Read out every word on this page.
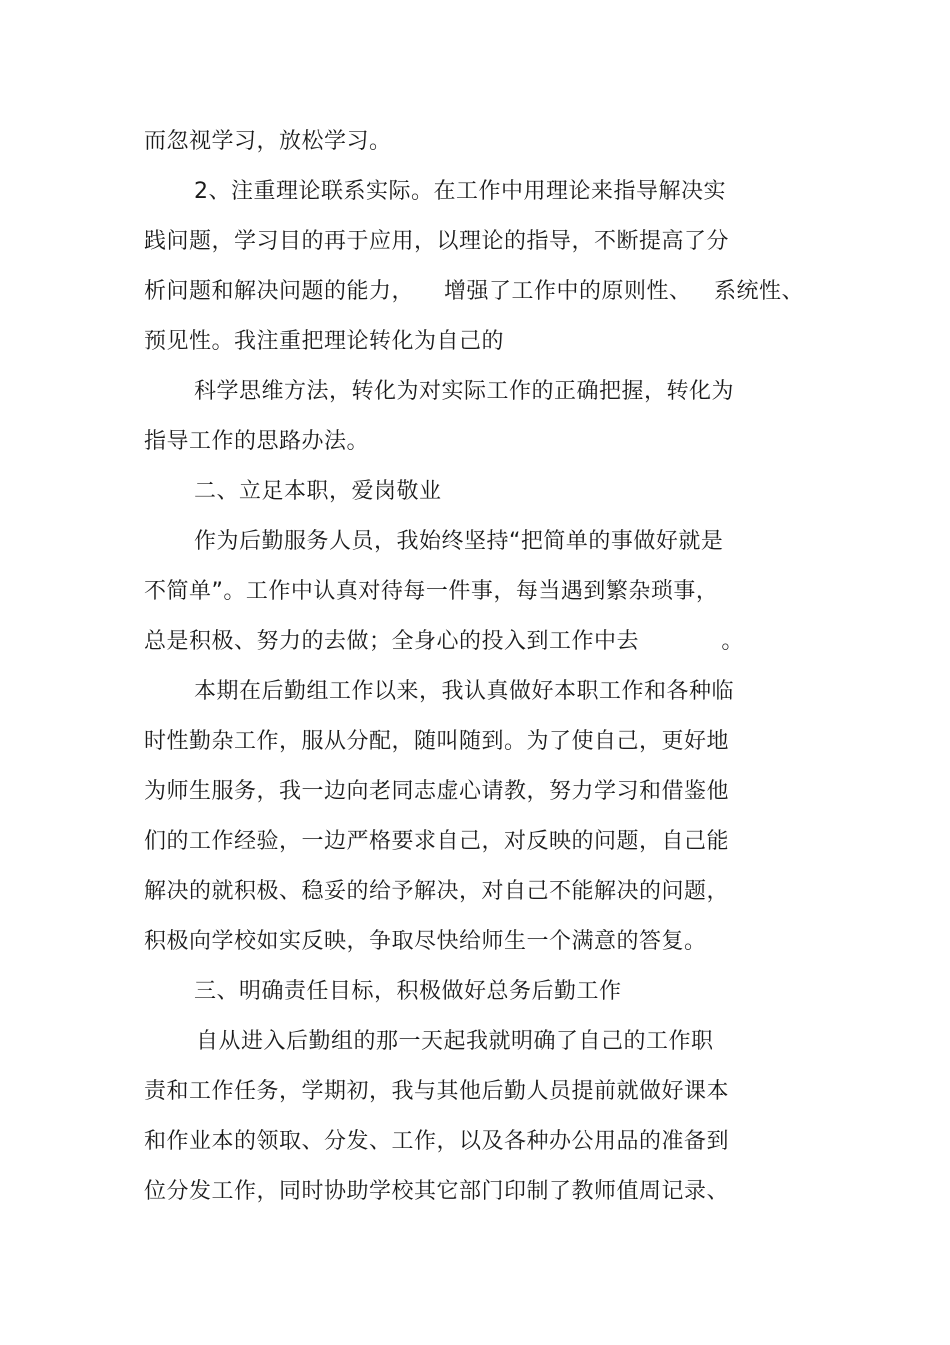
而忽视学习，放松学习。
2、注重理论联系实际。在工作中用理论来指导解决实
践问题，学习目的再于应用，以理论的指导，不断提高了分
析问题和解决问题的能力，    增强了工作中的原则性、   系统性、
预见性。我注重把理论转化为自己的
科学思维方法，转化为对实际工作的正确把握，转化为
指导工作的思路办法。
二、立足本职，爱岗敬业
作为后勤服务人员，我始终坚持“把简单的事做好就是
不简单”。工作中认真对待每一件事，每当遇到繁杂琐事，
总是积极、努力的去做；全身心的投入到工作中去           。
本期在后勤组工作以来，我认真做好本职工作和各种临
时性勤杂工作，服从分配，随叫随到。为了使自己，更好地
为师生服务，我一边向老同志虚心请教，努力学习和借鉴他
们的工作经验，一边严格要求自己，对反映的问题，自己能
解决的就积极、稳妥的给予解决，对自己不能解决的问题，
积极向学校如实反映，争取尽快给师生一个满意的答复。
三、明确责任目标，积极做好总务后勤工作
自从进入后勤组的那一天起我就明确了自己的工作职
责和工作任务，学期初，我与其他后勤人员提前就做好课本
和作业本的领取、分发、工作，以及各种办公用品的准备到
位分发工作，同时协助学校其它部门印制了教师值周记录、
